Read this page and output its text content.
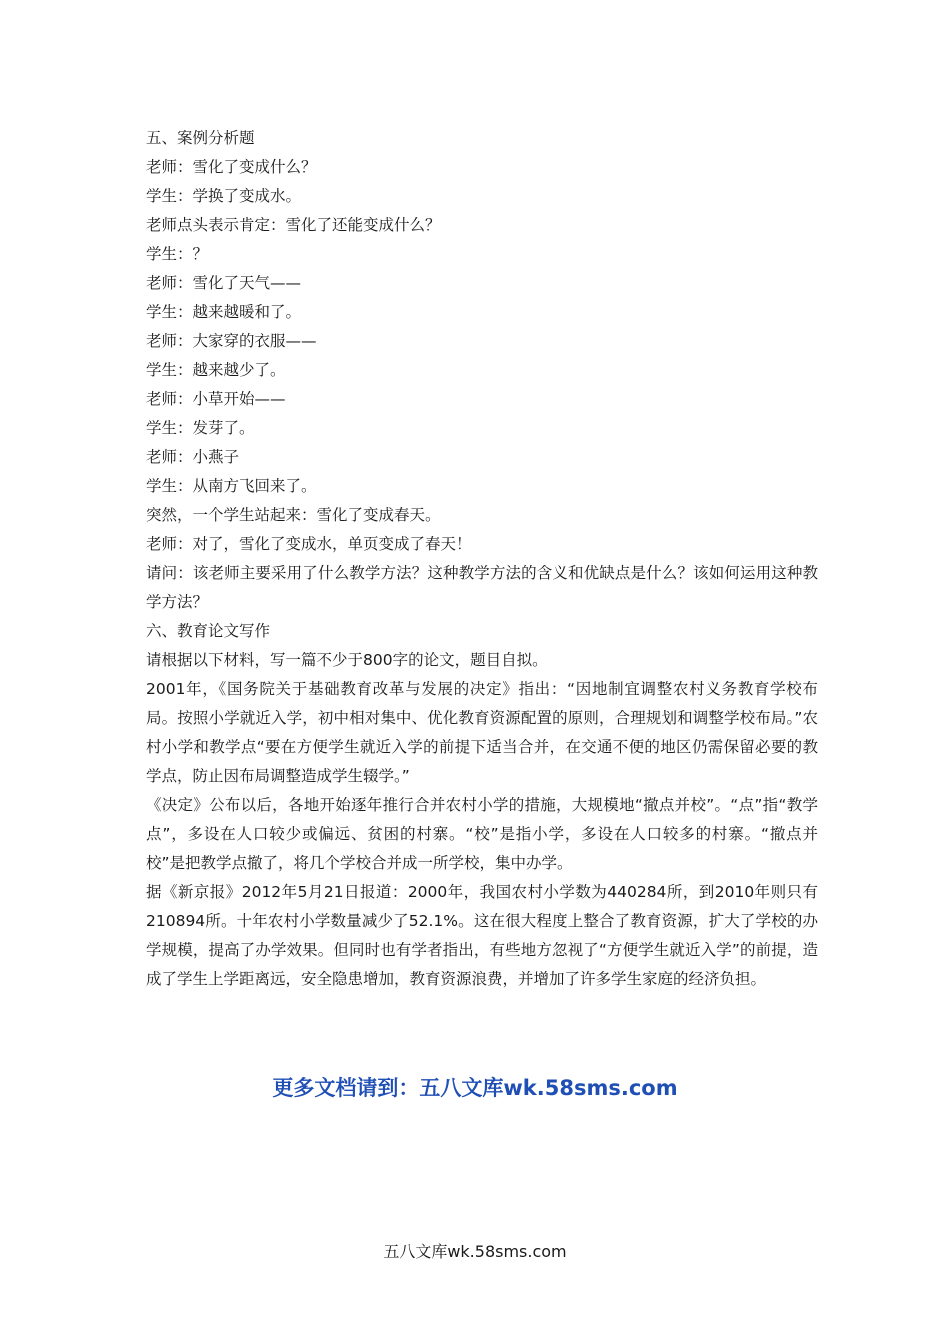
五、案例分析题

老师：雪化了变成什么？

学生：学换了变成水。

老师点头表示肯定：雪化了还能变成什么？

学生：？

老师：雪化了天气——

学生：越来越暖和了。

老师：大家穿的衣服——

学生：越来越少了。

老师：小草开始——

学生：发芽了。

老师：小燕子

学生：从南方飞回来了。

突然，一个学生站起来：雪化了变成春天。

老师：对了，雪化了变成水，单页变成了春天！

请问：该老师主要采用了什么教学方法？这种教学方法的含义和优缺点是什么？该如何运用这种教学方法？

六、教育论文写作

请根据以下材料，写一篇不少于800字的论文，题目自拟。

2001年，《国务院关于基础教育改革与发展的决定》指出：“因地制宜调整农村义务教育学校布局。按照小学就近入学，初中相对集中、优化教育资源配置的原则，合理规划和调整学校布局。”农村小学和教学点“要在方便学生就近入学的前提下适当合并，在交通不便的地区仍需保留必要的教学点，防止因布局调整造成学生辍学。”

《决定》公布以后，各地开始逐年推行合并农村小学的措施，大规模地“撤点并校”。“点”指“教学点”，多设在人口较少或偏远、贫困的村寨。“校”是指小学，多设在人口较多的村寨。“撤点并校”是把教学点撤了，将几个学校合并成一所学校，集中办学。

据《新京报》2012年5月21日报道：2000年，我国农村小学数为440284所，到2010年则只有210894所。十年农村小学数量减少了52.1%。这在很大程度上整合了教育资源，扩大了学校的办学规模，提高了办学效果。但同时也有学者指出，有些地方忽视了“方便学生就近入学”的前提，造成了学生上学距离远，安全隐患增加，教育资源浪费，并增加了许多学生家庭的经济负担。

更多文档请到：五八文库wk.58sms.com
五八文库wk.58sms.com
